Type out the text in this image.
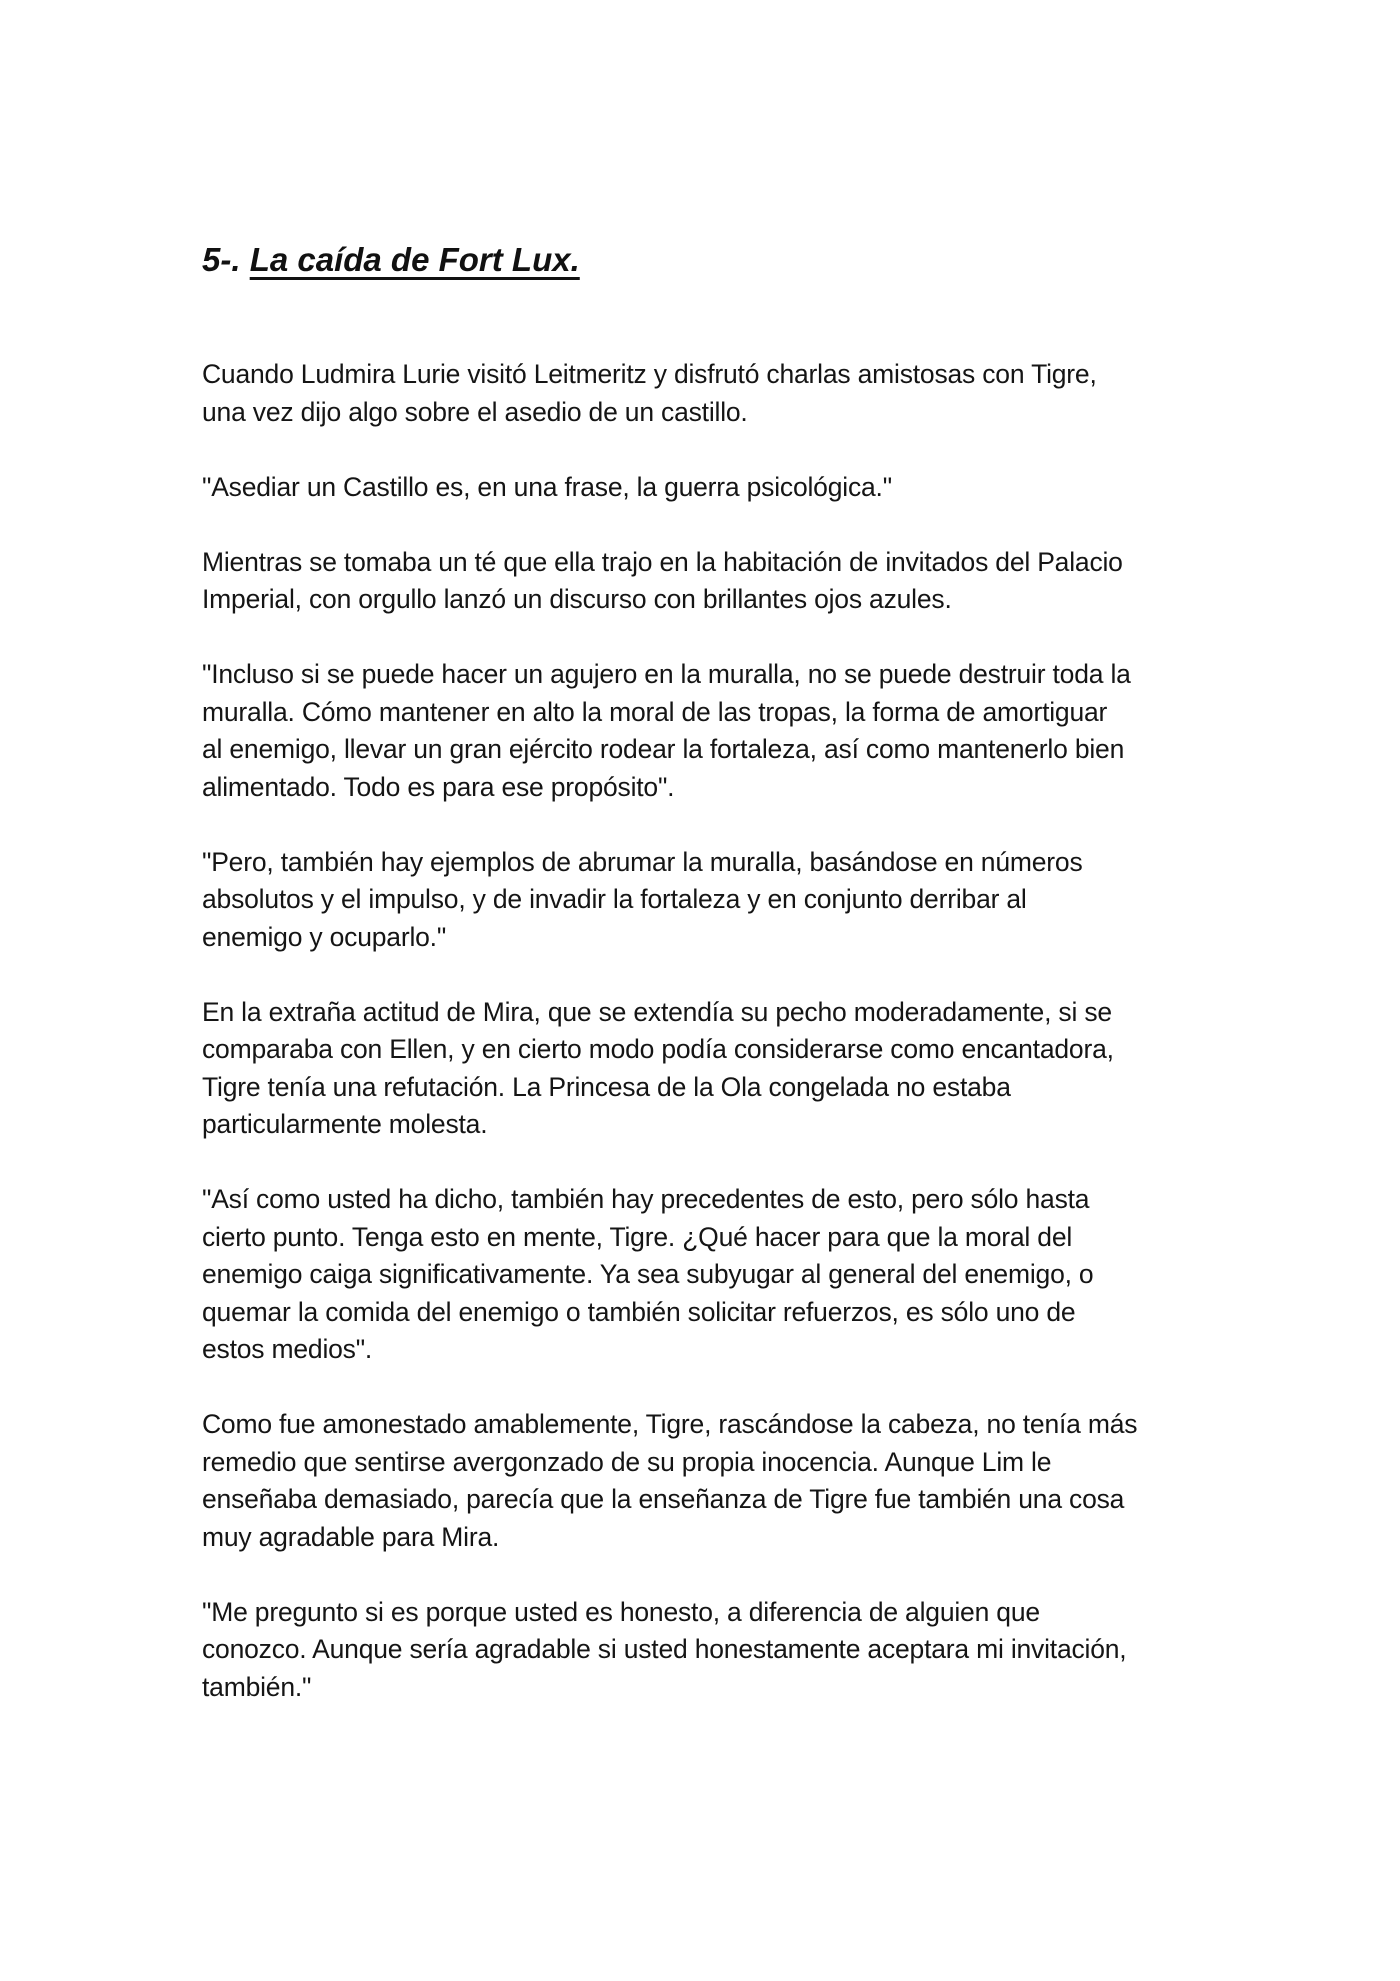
5-. La caída de Fort Lux.

Cuando Ludmira Lurie visitó Leitmeritz y disfrutó charlas amistosas con Tigre,
una vez dijo algo sobre el asedio de un castillo.

"Asediar un Castillo es, en una frase, la guerra psicológica."

Mientras se tomaba un té que ella trajo en la habitación de invitados del Palacio
Imperial, con orgullo lanzó un discurso con brillantes ojos azules.

"Incluso si se puede hacer un agujero en la muralla, no se puede destruir toda la
muralla. Cómo mantener en alto la moral de las tropas, la forma de amortiguar
al enemigo, llevar un gran ejército rodear la fortaleza, así como mantenerlo bien
alimentado. Todo es para ese propósito".

"Pero, también hay ejemplos de abrumar la muralla, basándose en números
absolutos y el impulso, y de invadir la fortaleza y en conjunto derribar al
enemigo y ocuparlo."

En la extraña actitud de Mira, que se extendía su pecho moderadamente, si se
comparaba con Ellen, y en cierto modo podía considerarse como encantadora,
Tigre tenía una refutación. La Princesa de la Ola congelada no estaba
particularmente molesta.

"Así como usted ha dicho, también hay precedentes de esto, pero sólo hasta
cierto punto. Tenga esto en mente, Tigre. ¿Qué hacer para que la moral del
enemigo caiga significativamente. Ya sea subyugar al general del enemigo, o
quemar la comida del enemigo o también solicitar refuerzos, es sólo uno de
estos medios".

Como fue amonestado amablemente, Tigre, rascándose la cabeza, no tenía más
remedio que sentirse avergonzado de su propia inocencia. Aunque Lim le
enseñaba demasiado, parecía que la enseñanza de Tigre fue también una cosa
muy agradable para Mira.

"Me pregunto si es porque usted es honesto, a diferencia de alguien que
conozco. Aunque sería agradable si usted honestamente aceptara mi invitación,
también."
